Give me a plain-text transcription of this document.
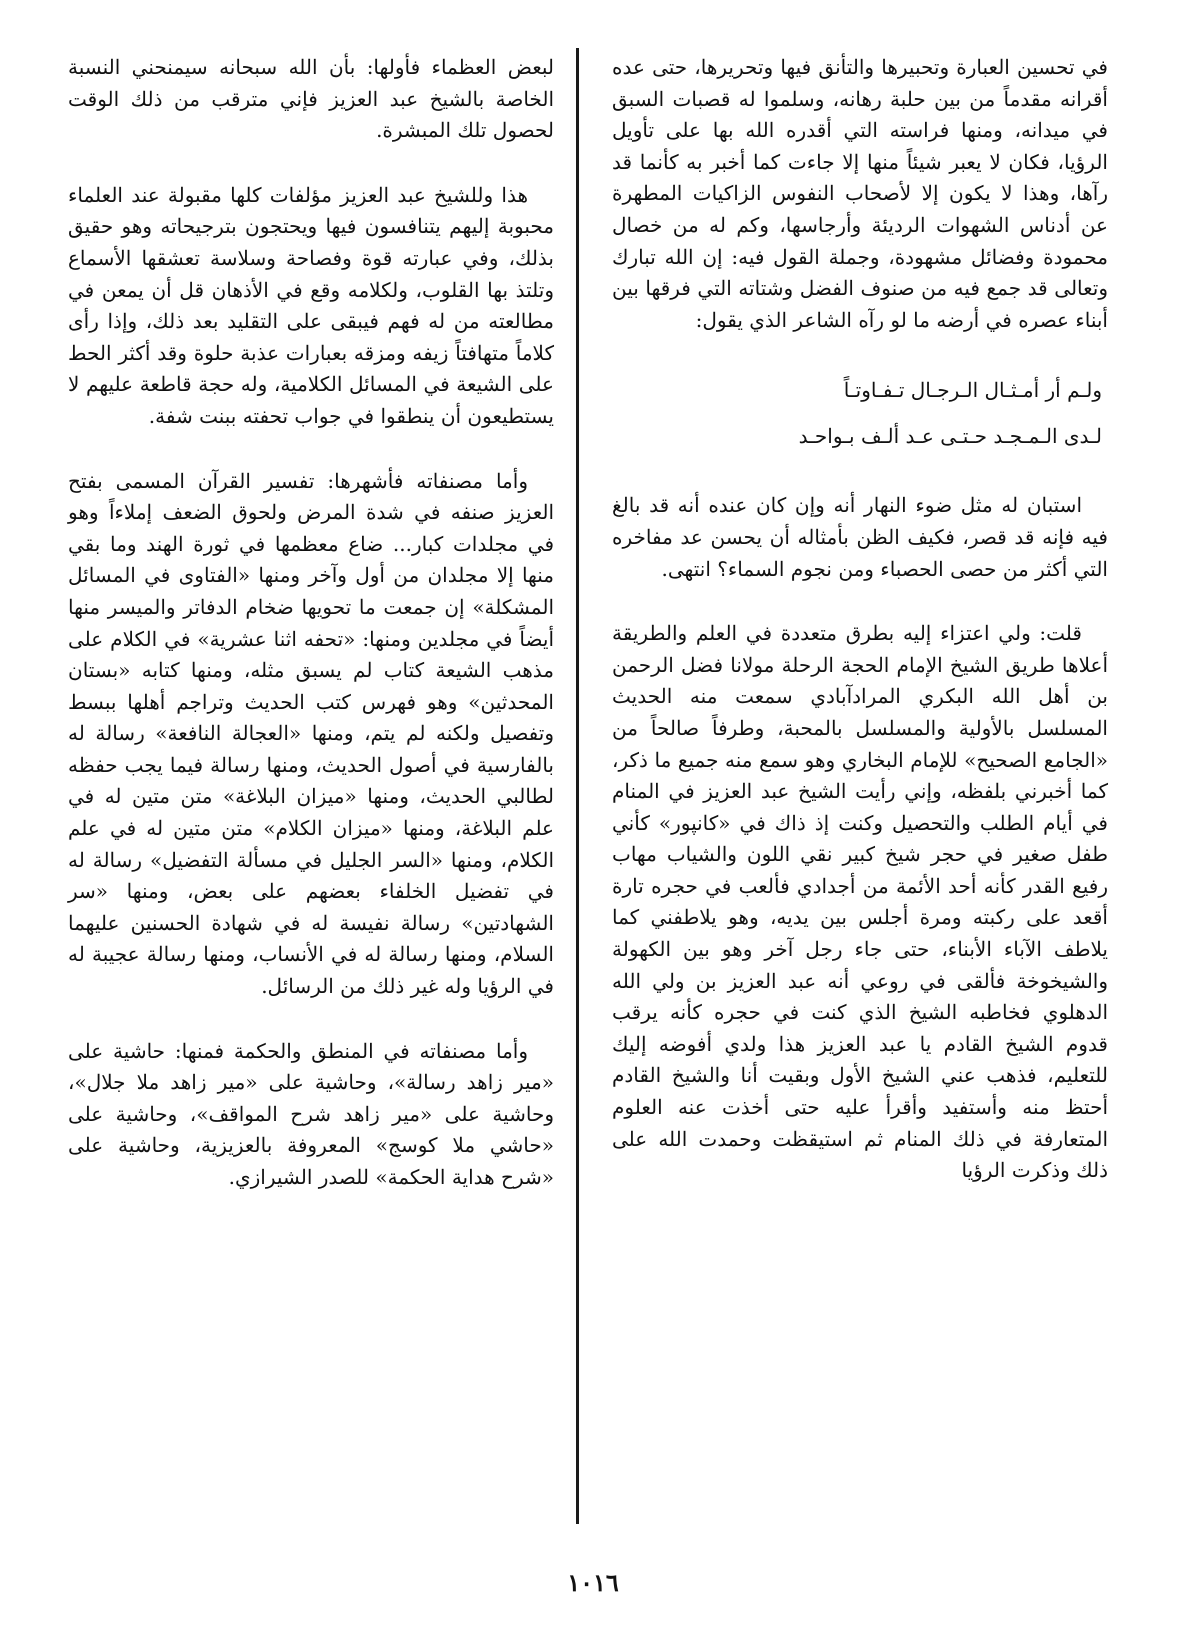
في تحسين العبارة وتحبيرها والتأنق فيها وتحريرها، حتى عده أقرانه مقدماً من بين حلبة رهانه، وسلموا له قصبات السبق في ميدانه، ومنها فراسته التي أقدره الله بها على تأويل الرؤيا، فكان لا يعبر شيئاً منها إلا جاءت كما أخبر به كأنما قد رآها، وهذا لا يكون إلا لأصحاب النفوس الزاكيات المطهرة عن أدناس الشهوات الرديئة وأرجاسها، وكم له من خصال محمودة وفضائل مشهودة، وجملة القول فيه: إن الله تبارك وتعالى قد جمع فيه من صنوف الفضل وشتاته التي فرقها بين أبناء عصره في أرضه ما لو رآه الشاعر الذي يقول:

ولـم أر أمـثـال الـرجـال تـفـاوتـاً
لـدى الـمـجـد حـتـى عـد ألـف بـواحـد

استبان له مثل ضوء النهار أنه وإن كان عنده أنه قد بالغ فيه فإنه قد قصر، فكيف الظن بأمثاله أن يحسن عد مفاخره التي أكثر من حصى الحصباء ومن نجوم السماء؟ انتهى.

قلت: ولي اعتزاء إليه بطرق متعددة في العلم والطريقة أعلاها طريق الشيخ الإمام الحجة الرحلة مولانا فضل الرحمن بن أهل الله البكري المرادآبادي سمعت منه الحديث المسلسل بالأولية والمسلسل بالمحبة، وطرفاً صالحاً من «الجامع الصحيح» للإمام البخاري وهو سمع منه جميع ما ذكر، كما أخبرني بلفظه، وإني رأيت الشيخ عبد العزيز في المنام في أيام الطلب والتحصيل وكنت إذ ذاك في «كانپور» كأني طفل صغير في حجر شيخ كبير نقي اللون والشياب مهاب رفيع القدر كأنه أحد الأئمة من أجدادي فألعب في حجره تارة أقعد على ركبته ومرة أجلس بين يديه، وهو يلاطفني كما يلاطف الآباء الأبناء، حتى جاء رجل آخر وهو بين الكهولة والشيخوخة فألقى في روعي أنه عبد العزيز بن ولي الله الدهلوي فخاطبه الشيخ الذي كنت في حجره كأنه يرقب قدوم الشيخ القادم يا عبد العزيز هذا ولدي أفوضه إليك للتعليم، فذهب عني الشيخ الأول وبقيت أنا والشيخ القادم أحتظ منه وأستفيد وأقرأ عليه حتى أخذت عنه العلوم المتعارفة في ذلك المنام ثم استيقظت وحمدت الله على ذلك وذكرت الرؤيا

لبعض العظماء فأولها: بأن الله سبحانه سيمنحني النسبة الخاصة بالشيخ عبد العزيز فإني مترقب من ذلك الوقت لحصول تلك المبشرة.

هذا وللشيخ عبد العزيز مؤلفات كلها مقبولة عند العلماء محبوبة إليهم يتنافسون فيها ويحتجون بترجيحاته وهو حقيق بذلك، وفي عبارته قوة وفصاحة وسلاسة تعشقها الأسماع وتلتذ بها القلوب، ولكلامه وقع في الأذهان قل أن يمعن في مطالعته من له فهم فيبقى على التقليد بعد ذلك، وإذا رأى كلاماً متهافتاً زيفه ومزقه بعبارات عذبة حلوة وقد أكثر الحط على الشيعة في المسائل الكلامية، وله حجة قاطعة عليهم لا يستطيعون أن ينطقوا في جواب تحفته ببنت شفة.

وأما مصنفاته فأشهرها: تفسير القرآن المسمى بفتح العزيز صنفه في شدة المرض ولحوق الضعف إملاءاً وهو في مجلدات كبار... ضاع معظمها في ثورة الهند وما بقي منها إلا مجلدان من أول وآخر ومنها «الفتاوى في المسائل المشكلة» إن جمعت ما تحويها ضخام الدفاتر والميسر منها أيضاً في مجلدين ومنها: «تحفه اثنا عشرية» في الكلام على مذهب الشيعة كتاب لم يسبق مثله، ومنها كتابه «بستان المحدثين» وهو فهرس كتب الحديث وتراجم أهلها ببسط وتفصيل ولكنه لم يتم، ومنها «العجالة النافعة» رسالة له بالفارسية في أصول الحديث، ومنها رسالة فيما يجب حفظه لطالبي الحديث، ومنها «ميزان البلاغة» متن متين له في علم البلاغة، ومنها «ميزان الكلام» متن متين له في علم الكلام، ومنها «السر الجليل في مسألة التفضيل» رسالة له في تفضيل الخلفاء بعضهم على بعض، ومنها «سر الشهادتين» رسالة نفيسة له في شهادة الحسنين عليهما السلام، ومنها رسالة له في الأنساب، ومنها رسالة عجيبة له في الرؤيا وله غير ذلك من الرسائل.

وأما مصنفاته في المنطق والحكمة فمنها: حاشية على «مير زاهد رسالة»، وحاشية على «مير زاهد ملا جلال»، وحاشية على «مير زاهد شرح المواقف»، وحاشية على «حاشي ملا كوسج» المعروفة بالعزيزية، وحاشية على «شرح هداية الحكمة» للصدر الشيرازي.

١٠١٦
